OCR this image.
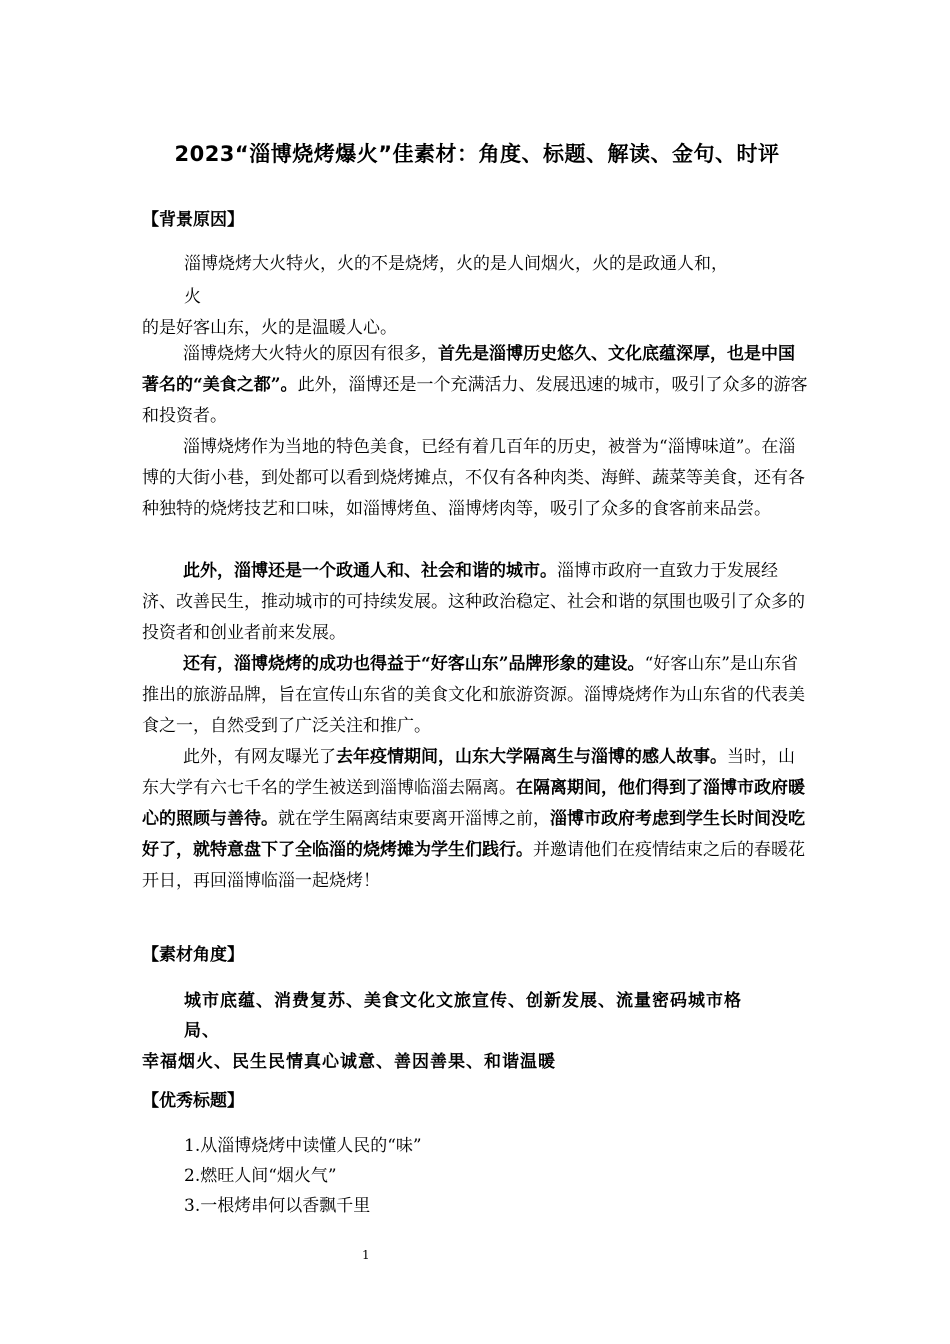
2023“淄博烧烤爆火”佳素材：角度、标题、解读、金句、时评
【背景原因】
淄博烧烤大火特火，火的不是烧烤，火的是人间烟火，火的是政通人和，
火
的是好客山东，火的是温暖人心。

淄博烧烤大火特火的原因有很多，首先是淄博历史悠久、文化底蕴深厚，也是中国著名的“美食之都”。此外，淄博还是一个充满活力、发展迅速的城市，吸引了众多的游客和投资者。

淄博烧烤作为当地的特色美食，已经有着几百年的历史，被誉为“淄博味道”。在淄博的大街小巷，到处都可以看到烧烤摊点，不仅有各种肉类、海鲜、蔬菜等美食，还有各种独特的烧烤技艺和口味，如淄博烤鱼、淄博烤肉等，吸引了众多的食客前来品尝。

此外，淄博还是一个政通人和、社会和谐的城市。淄博市政府一直致力于发展经济、改善民生，推动城市的可持续发展。这种政治稳定、社会和谐的氛围也吸引了众多的投资者和创业者前来发展。

还有，淄博烧烤的成功也得益于“好客山东”品牌形象的建设。“好客山东”是山东省推出的旅游品牌，旨在宣传山东省的美食文化和旅游资源。淄博烧烤作为山东省的代表美食之一，自然受到了广泛关注和推广。

此外，有网友曝光了去年疫情期间，山东大学隔离生与淄博的感人故事。当时，山东大学有六七千名的学生被送到淄博临淄去隔离。在隔离期间，他们得到了淄博市政府暖心的照顾与善待。就在学生隔离结束要离开淄博之前，淄博市政府考虑到学生长时间没吃好了，就特意盘下了全临淄的烧烤摊为学生们践行。并邀请他们在疫情结束之后的春暖花开日，再回淄博临淄一起烧烤！

【素材角度】
城市底蕴、消费复苏、美食文化文旅宣传、创新发展、流量密码城市格
局、
幸福烟火、民生民情真心诚意、善因善果、和谐温暖
【优秀标题】
1.从淄博烧烤中读懂人民的“味”
2.燃旺人间“烟火气”
3.一根烤串何以香飘千里
1
